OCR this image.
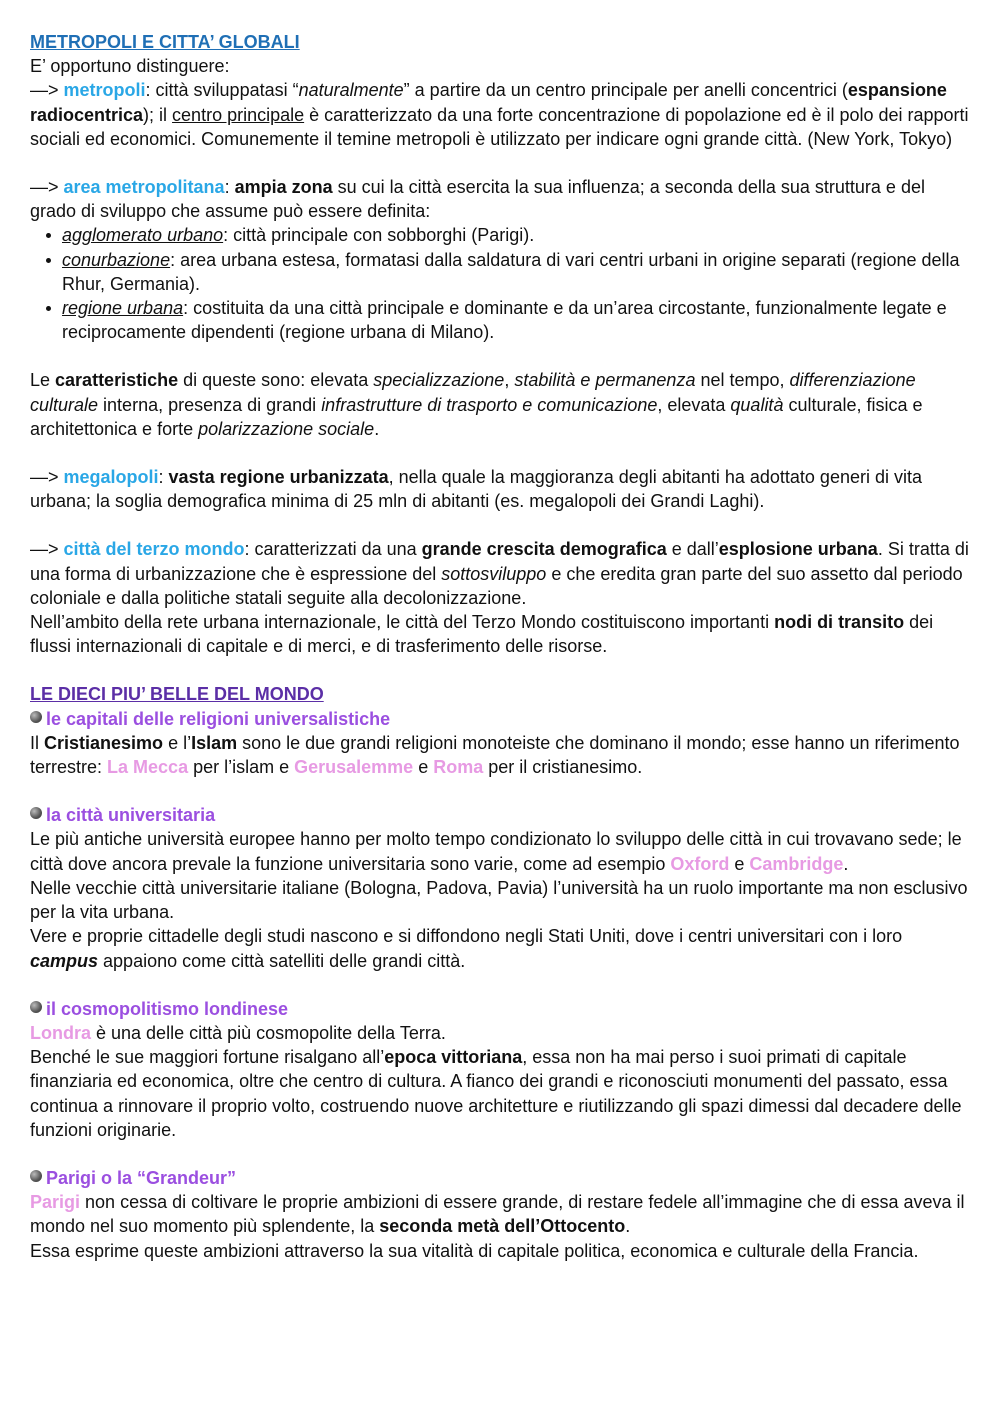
METROPOLI E CITTA’ GLOBALI

E’ opportuno distinguere:

—> metropoli: città sviluppatasi “naturalmente” a partire da un centro principale per anelli concentrici (espansione radiocentrica); il centro principale è caratterizzato da una forte concentrazione di popolazione ed è il polo dei rapporti sociali ed economici. Comunemente il temine metropoli è utilizzato per indicare ogni grande città. (New York, Tokyo)

—> area metropolitana: ampia zona su cui la città esercita la sua influenza; a seconda della sua struttura e del grado di sviluppo che assume può essere definita:

agglomerato urbano: città principale con sobborghi (Parigi).
conurbazione: area urbana estesa, formatasi dalla saldatura di vari centri urbani in origine separati (regione della Rhur, Germania).
regione urbana: costituita da una città principale e dominante e da un’area circostante, funzionalmente legate e reciprocamente dipendenti (regione urbana di Milano).

Le caratteristiche di queste sono: elevata specializzazione, stabilità e permanenza nel tempo, differenziazione culturale interna, presenza di grandi infrastrutture di trasporto e comunicazione, elevata qualità culturale, fisica e architettonica e forte polarizzazione sociale.

—> megalopoli: vasta regione urbanizzata, nella quale la maggioranza degli abitanti ha adottato generi di vita urbana; la soglia demografica minima di 25 mln di abitanti (es. megalopoli dei Grandi Laghi).

—> città del terzo mondo: caratterizzati da una grande crescita demografica e dall’esplosione urbana. Si tratta di una forma di urbanizzazione che è espressione del sottosviluppo e che eredita gran parte del suo assetto dal periodo coloniale e dalla politiche statali seguite alla decolonizzazione.

Nell’ambito della rete urbana internazionale, le città del Terzo Mondo costituiscono importanti nodi di transito dei flussi internazionali di capitale e di merci, e di trasferimento delle risorse.

LE DIECI PIU’ BELLE DEL MONDO

le capitali delle religioni universalistiche

Il Cristianesimo e l’Islam sono le due grandi religioni monoteiste che dominano il mondo; esse hanno un riferimento terrestre: La Mecca per l’islam e Gerusalemme e Roma per il cristianesimo.

la città universitaria

Le più antiche università europee hanno per molto tempo condizionato lo sviluppo delle città in cui trovavano sede; le città dove ancora prevale la funzione universitaria sono varie, come ad esempio Oxford e Cambridge.

Nelle vecchie città universitarie italiane (Bologna, Padova, Pavia) l’università ha un ruolo importante ma non esclusivo per la vita urbana.

Vere e proprie cittadelle degli studi nascono e si diffondono negli Stati Uniti, dove i centri universitari con i loro campus appaiono come città satelliti delle grandi città.

il cosmopolitismo londinese

Londra è una delle città più cosmopolite della Terra.

Benché le sue maggiori fortune risalgano all’epoca vittoriana, essa non ha mai perso i suoi primati di capitale finanziaria ed economica, oltre che centro di cultura. A fianco dei grandi e riconosciuti monumenti del passato, essa continua a rinnovare il proprio volto, costruendo nuove architetture e riutilizzando gli spazi dimessi dal decadere delle funzioni originarie.

Parigi o la “Grandeur”

Parigi non cessa di coltivare le proprie ambizioni di essere grande, di restare fedele all’immagine che di essa aveva il mondo nel suo momento più splendente, la seconda metà dell’Ottocento.

Essa esprime queste ambizioni attraverso la sua vitalità di capitale politica, economica e culturale della Francia.
